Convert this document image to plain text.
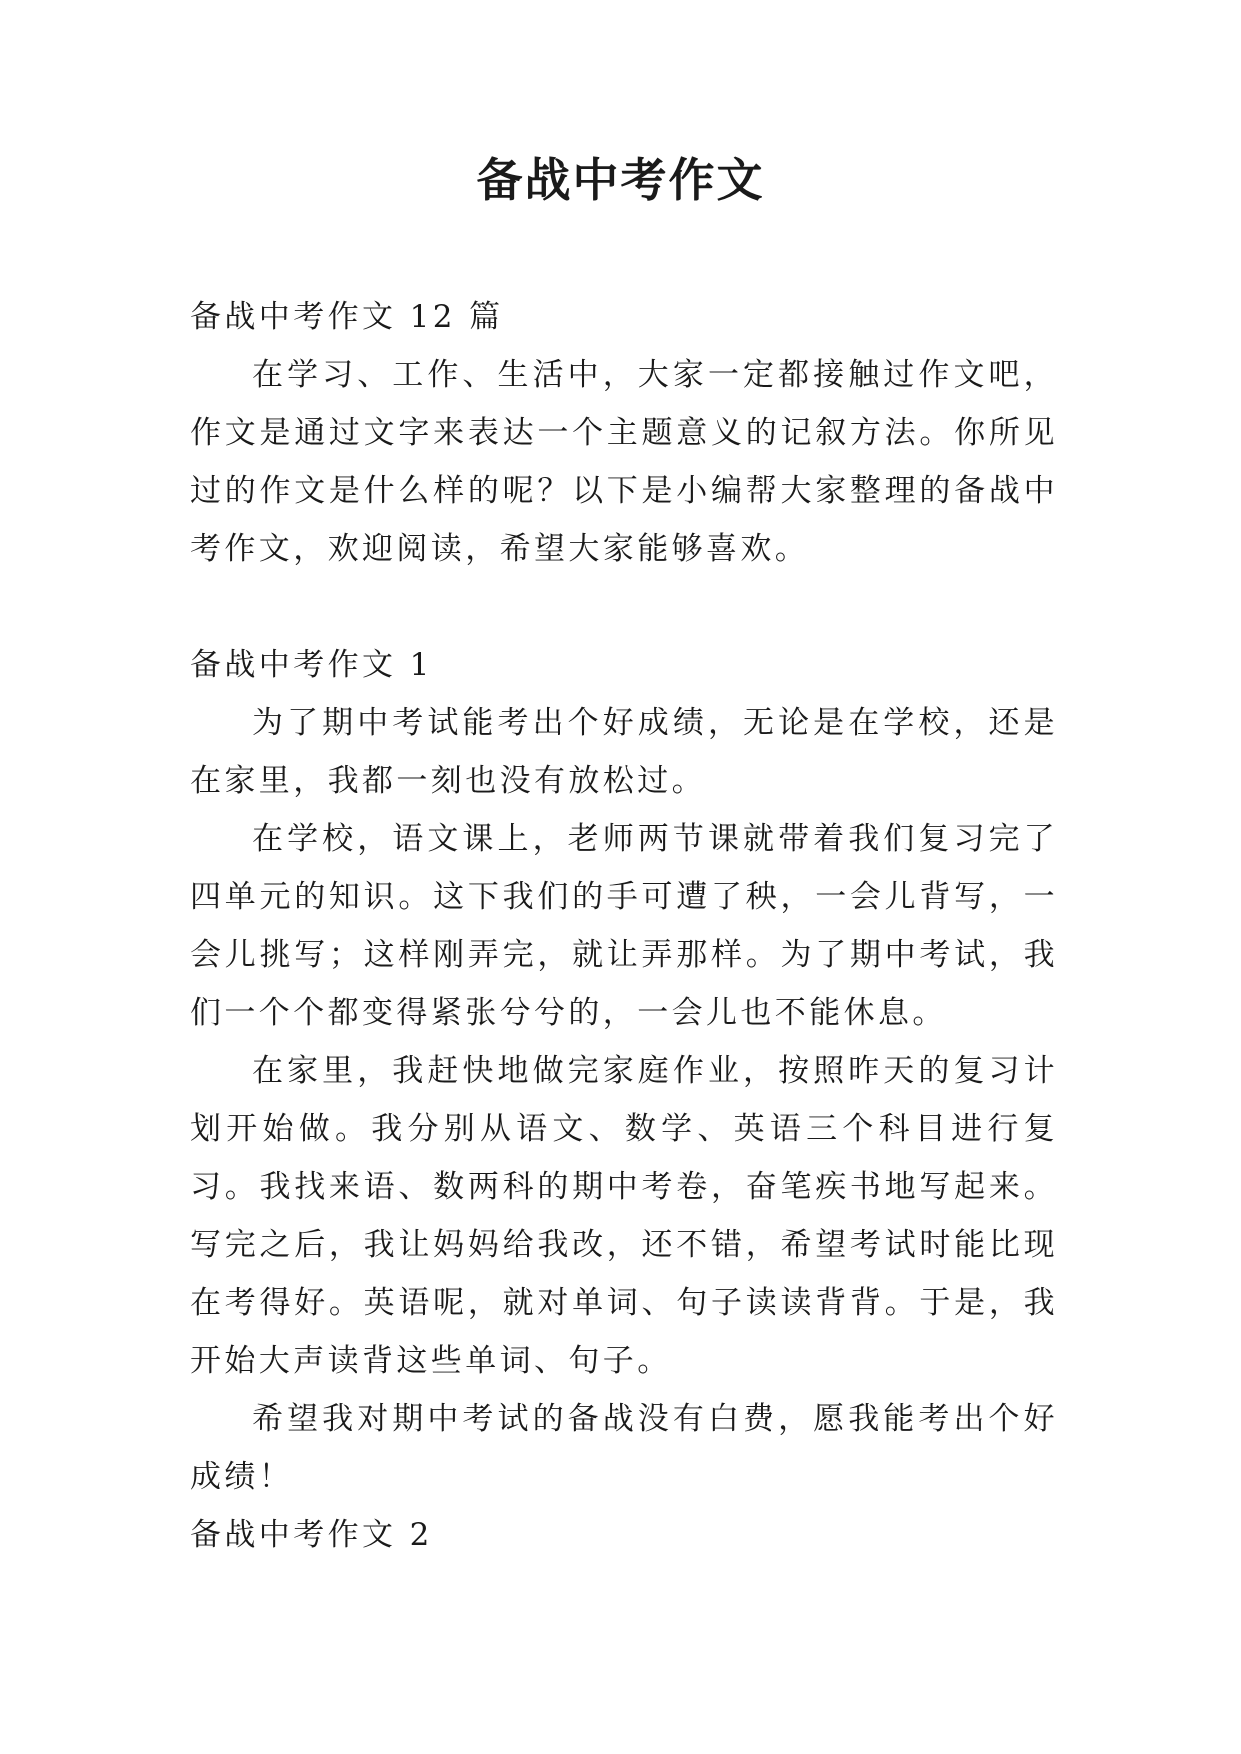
备战中考作文

备战中考作文 12 篇

在学习、工作、生活中，大家一定都接触过作文吧，作文是通过文字来表达一个主题意义的记叙方法。你所见过的作文是什么样的呢？以下是小编帮大家整理的备战中考作文，欢迎阅读，希望大家能够喜欢。

备战中考作文 1

为了期中考试能考出个好成绩，无论是在学校，还是在家里，我都一刻也没有放松过。

在学校，语文课上，老师两节课就带着我们复习完了四单元的知识。这下我们的手可遭了秧，一会儿背写，一会儿挑写；这样刚弄完，就让弄那样。为了期中考试，我们一个个都变得紧张兮兮的，一会儿也不能休息。

在家里，我赶快地做完家庭作业，按照昨天的复习计划开始做。我分别从语文、数学、英语三个科目进行复习。我找来语、数两科的期中考卷，奋笔疾书地写起来。写完之后，我让妈妈给我改，还不错，希望考试时能比现在考得好。英语呢，就对单词、句子读读背背。于是，我开始大声读背这些单词、句子。

希望我对期中考试的备战没有白费，愿我能考出个好成绩！

备战中考作文 2
